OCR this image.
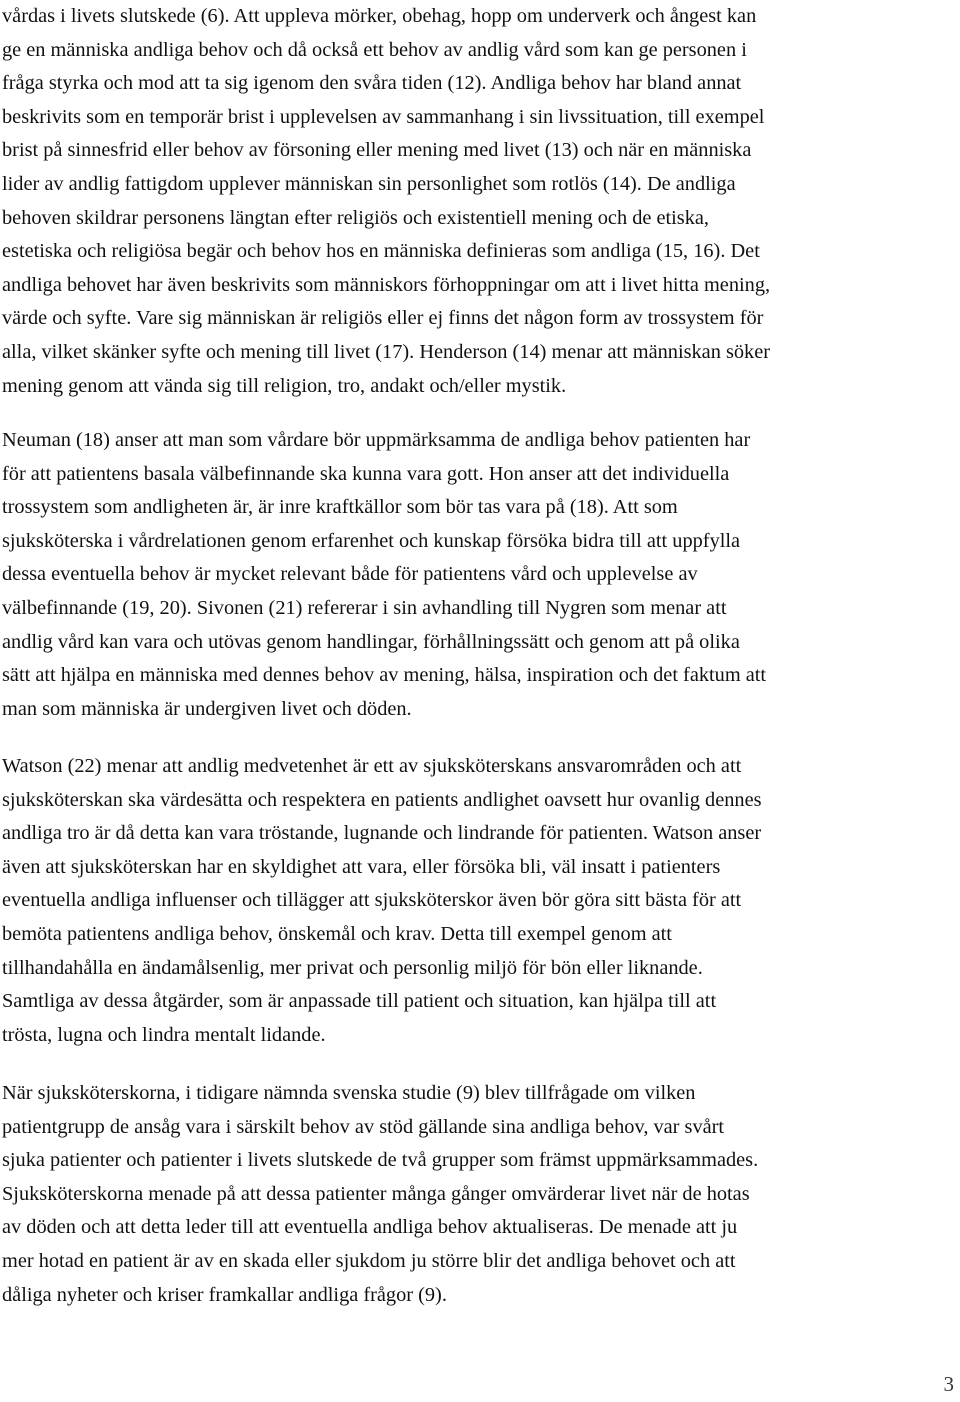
vårdas i livets slutskede (6). Att uppleva mörker, obehag, hopp om underverk och ångest kan
ge en människa andliga behov och då också ett behov av andlig vård som kan ge personen i
fråga styrka och mod att ta sig igenom den svåra tiden (12). Andliga behov har bland annat
beskrivits som en temporär brist i upplevelsen av sammanhang i sin livssituation, till exempel
brist på sinnesfrid eller behov av försoning eller mening med livet (13) och när en människa
lider av andlig fattigdom upplever människan sin personlighet som rotlös (14). De andliga
behoven skildrar personens längtan efter religiös och existentiell mening och de etiska,
estetiska och religiösa begär och behov hos en människa definieras som andliga (15, 16). Det
andliga behovet har även beskrivits som människors förhoppningar om att i livet hitta mening,
värde och syfte. Vare sig människan är religiös eller ej finns det någon form av trossystem för
alla, vilket skänker syfte och mening till livet (17). Henderson (14) menar att människan söker
mening genom att vända sig till religion, tro, andakt och/eller mystik.
Neuman (18) anser att man som vårdare bör uppmärksamma de andliga behov patienten har
för att patientens basala välbefinnande ska kunna vara gott. Hon anser att det individuella
trossystem som andligheten är, är inre kraftkällor som bör tas vara på (18). Att som
sjuksköterska i vårdrelationen genom erfarenhet och kunskap försöka bidra till att uppfylla
dessa eventuella behov är mycket relevant både för patientens vård och upplevelse av
välbefinnande (19, 20). Sivonen (21) refererar i sin avhandling till Nygren som menar att
andlig vård kan vara och utövas genom handlingar, förhållningssätt och genom att på olika
sätt att hjälpa en människa med dennes behov av mening, hälsa, inspiration och det faktum att
man som människa är undergiven livet och döden.
Watson (22) menar att andlig medvetenhet är ett av sjuksköterskans ansvarområden och att
sjuksköterskan ska värdesätta och respektera en patients andlighet oavsett hur ovanlig dennes
andliga tro är då detta kan vara tröstande, lugnande och lindrande för patienten. Watson anser
även att sjuksköterskan har en skyldighet att vara, eller försöka bli, väl insatt i patienters
eventuella andliga influenser och tillägger att sjuksköterskor även bör göra sitt bästa för att
bemöta patientens andliga behov, önskemål och krav. Detta till exempel genom att
tillhandahålla en ändamålsenlig, mer privat och personlig miljö för bön eller liknande.
Samtliga av dessa åtgärder, som är anpassade till patient och situation, kan hjälpa till att
trösta, lugna och lindra mentalt lidande.
När sjuksköterskorna, i tidigare nämnda svenska studie (9) blev tillfrågade om vilken
patientgrupp de ansåg vara i särskilt behov av stöd gällande sina andliga behov, var svårt
sjuka patienter och patienter i livets slutskede de två grupper som främst uppmärksammades.
Sjuksköterskorna menade på att dessa patienter många gånger omvärderar livet när de hotas
av döden och att detta leder till att eventuella andliga behov aktualiseras. De menade att ju
mer hotad en patient är av en skada eller sjukdom ju större blir det andliga behovet och att
dåliga nyheter och kriser framkallar andliga frågor (9).
3
